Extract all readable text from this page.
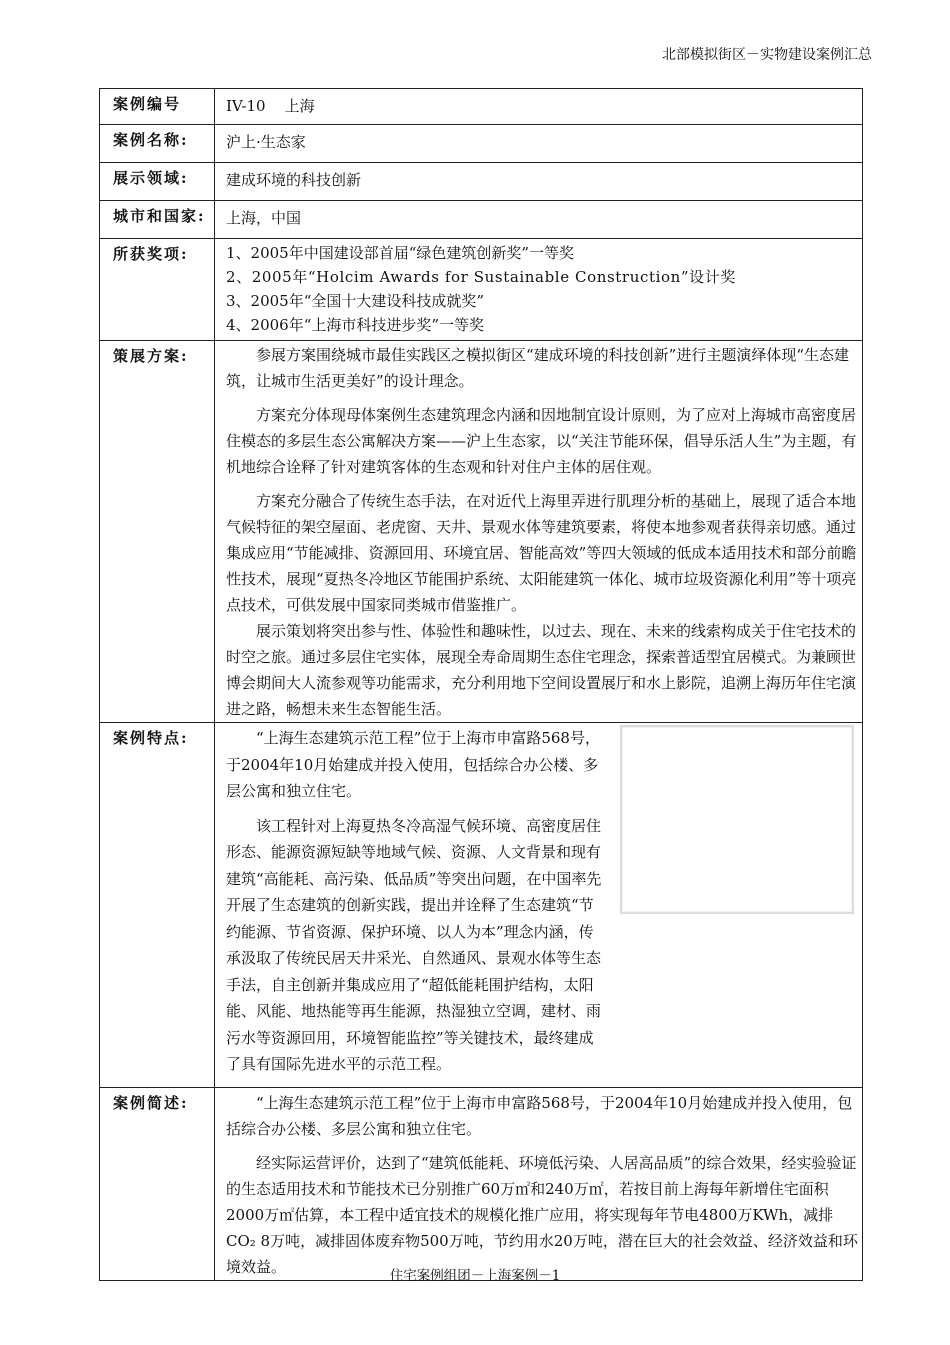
北部模拟街区－实物建设案例汇总
案例编号	IV-10    上海
案例名称:	沪上·生态家
展示领域:	建成环境的科技创新
城市和国家:	上海，中国
所获奖项:	1、2005年中国建设部首届“绿色建筑创新奖”一等奖

2、2005年“Holcim Awards for Sustainable Construction”设计奖

3、2005年“全国十大建设科技成就奖”

4、2006年“上海市科技进步奖”一等奖

策展方案:	参展方案围绕城市最佳实践区之模拟街区“建成环境的科技创新”进行主题演绎体现“生态建筑，让城市生活更美好”的设计理念。

方案充分体现母体案例生态建筑理念内涵和因地制宜设计原则，为了应对上海城市高密度居住模态的多层生态公寓解决方案——沪上生态家，以“关注节能环保，倡导乐活人生”为主题，有机地综合诠释了针对建筑客体的生态观和针对住户主体的居住观。

方案充分融合了传统生态手法，在对近代上海里弄进行肌理分析的基础上，展现了适合本地气候特征的架空屋面、老虎窗、天井、景观水体等建筑要素，将使本地参观者获得亲切感。通过集成应用“节能减排、资源回用、环境宜居、智能高效”等四大领域的低成本适用技术和部分前瞻性技术，展现“夏热冬冷地区节能围护系统、太阳能建筑一体化、城市垃圾资源化利用”等十项亮点技术，可供发展中国家同类城市借鉴推广。

展示策划将突出参与性、体验性和趣味性，以过去、现在、未来的线索构成关于住宅技术的时空之旅。通过多层住宅实体，展现全寿命周期生态住宅理念，探索普适型宜居模式。为兼顾世博会期间大人流参观等功能需求，充分利用地下空间设置展厅和水上影院，追溯上海历年住宅演进之路，畅想未来生态智能生活。

案例特点:	“上海生态建筑示范工程”位于上海市申富路568号，于2004年10月始建成并投入使用，包括综合办公楼、多层公寓和独立住宅。

该工程针对上海夏热冬冷高湿气候环境、高密度居住形态、能源资源短缺等地域气候、资源、人文背景和现有建筑“高能耗、高污染、低品质”等突出问题，在中国率先开展了生态建筑的创新实践，提出并诠释了生态建筑“节约能源、节省资源、保护环境、以人为本”理念内涵，传承汲取了传统民居天井采光、自然通风、景观水体等生态手法，自主创新并集成应用了“超低能耗围护结构，太阳能、风能、地热能等再生能源，热湿独立空调，建材、雨污水等资源回用，环境智能监控”等关键技术，最终建成了具有国际先进水平的示范工程。

案例简述:	“上海生态建筑示范工程”位于上海市申富路568号，于2004年10月始建成并投入使用，包括综合办公楼、多层公寓和独立住宅。

经实际运营评价，达到了“建筑低能耗、环境低污染、人居高品质”的综合效果，经实验验证的生态适用技术和节能技术已分别推广60万㎡和240万㎡，若按目前上海每年新增住宅面积2000万㎡估算，本工程中适宜技术的规模化推广应用，将实现每年节电4800万KWh，减排CO₂ 8万吨，减排固体废弃物500万吨，节约用水20万吨，潜在巨大的社会效益、经济效益和环境效益。	住宅案例组团－上海案例－1
